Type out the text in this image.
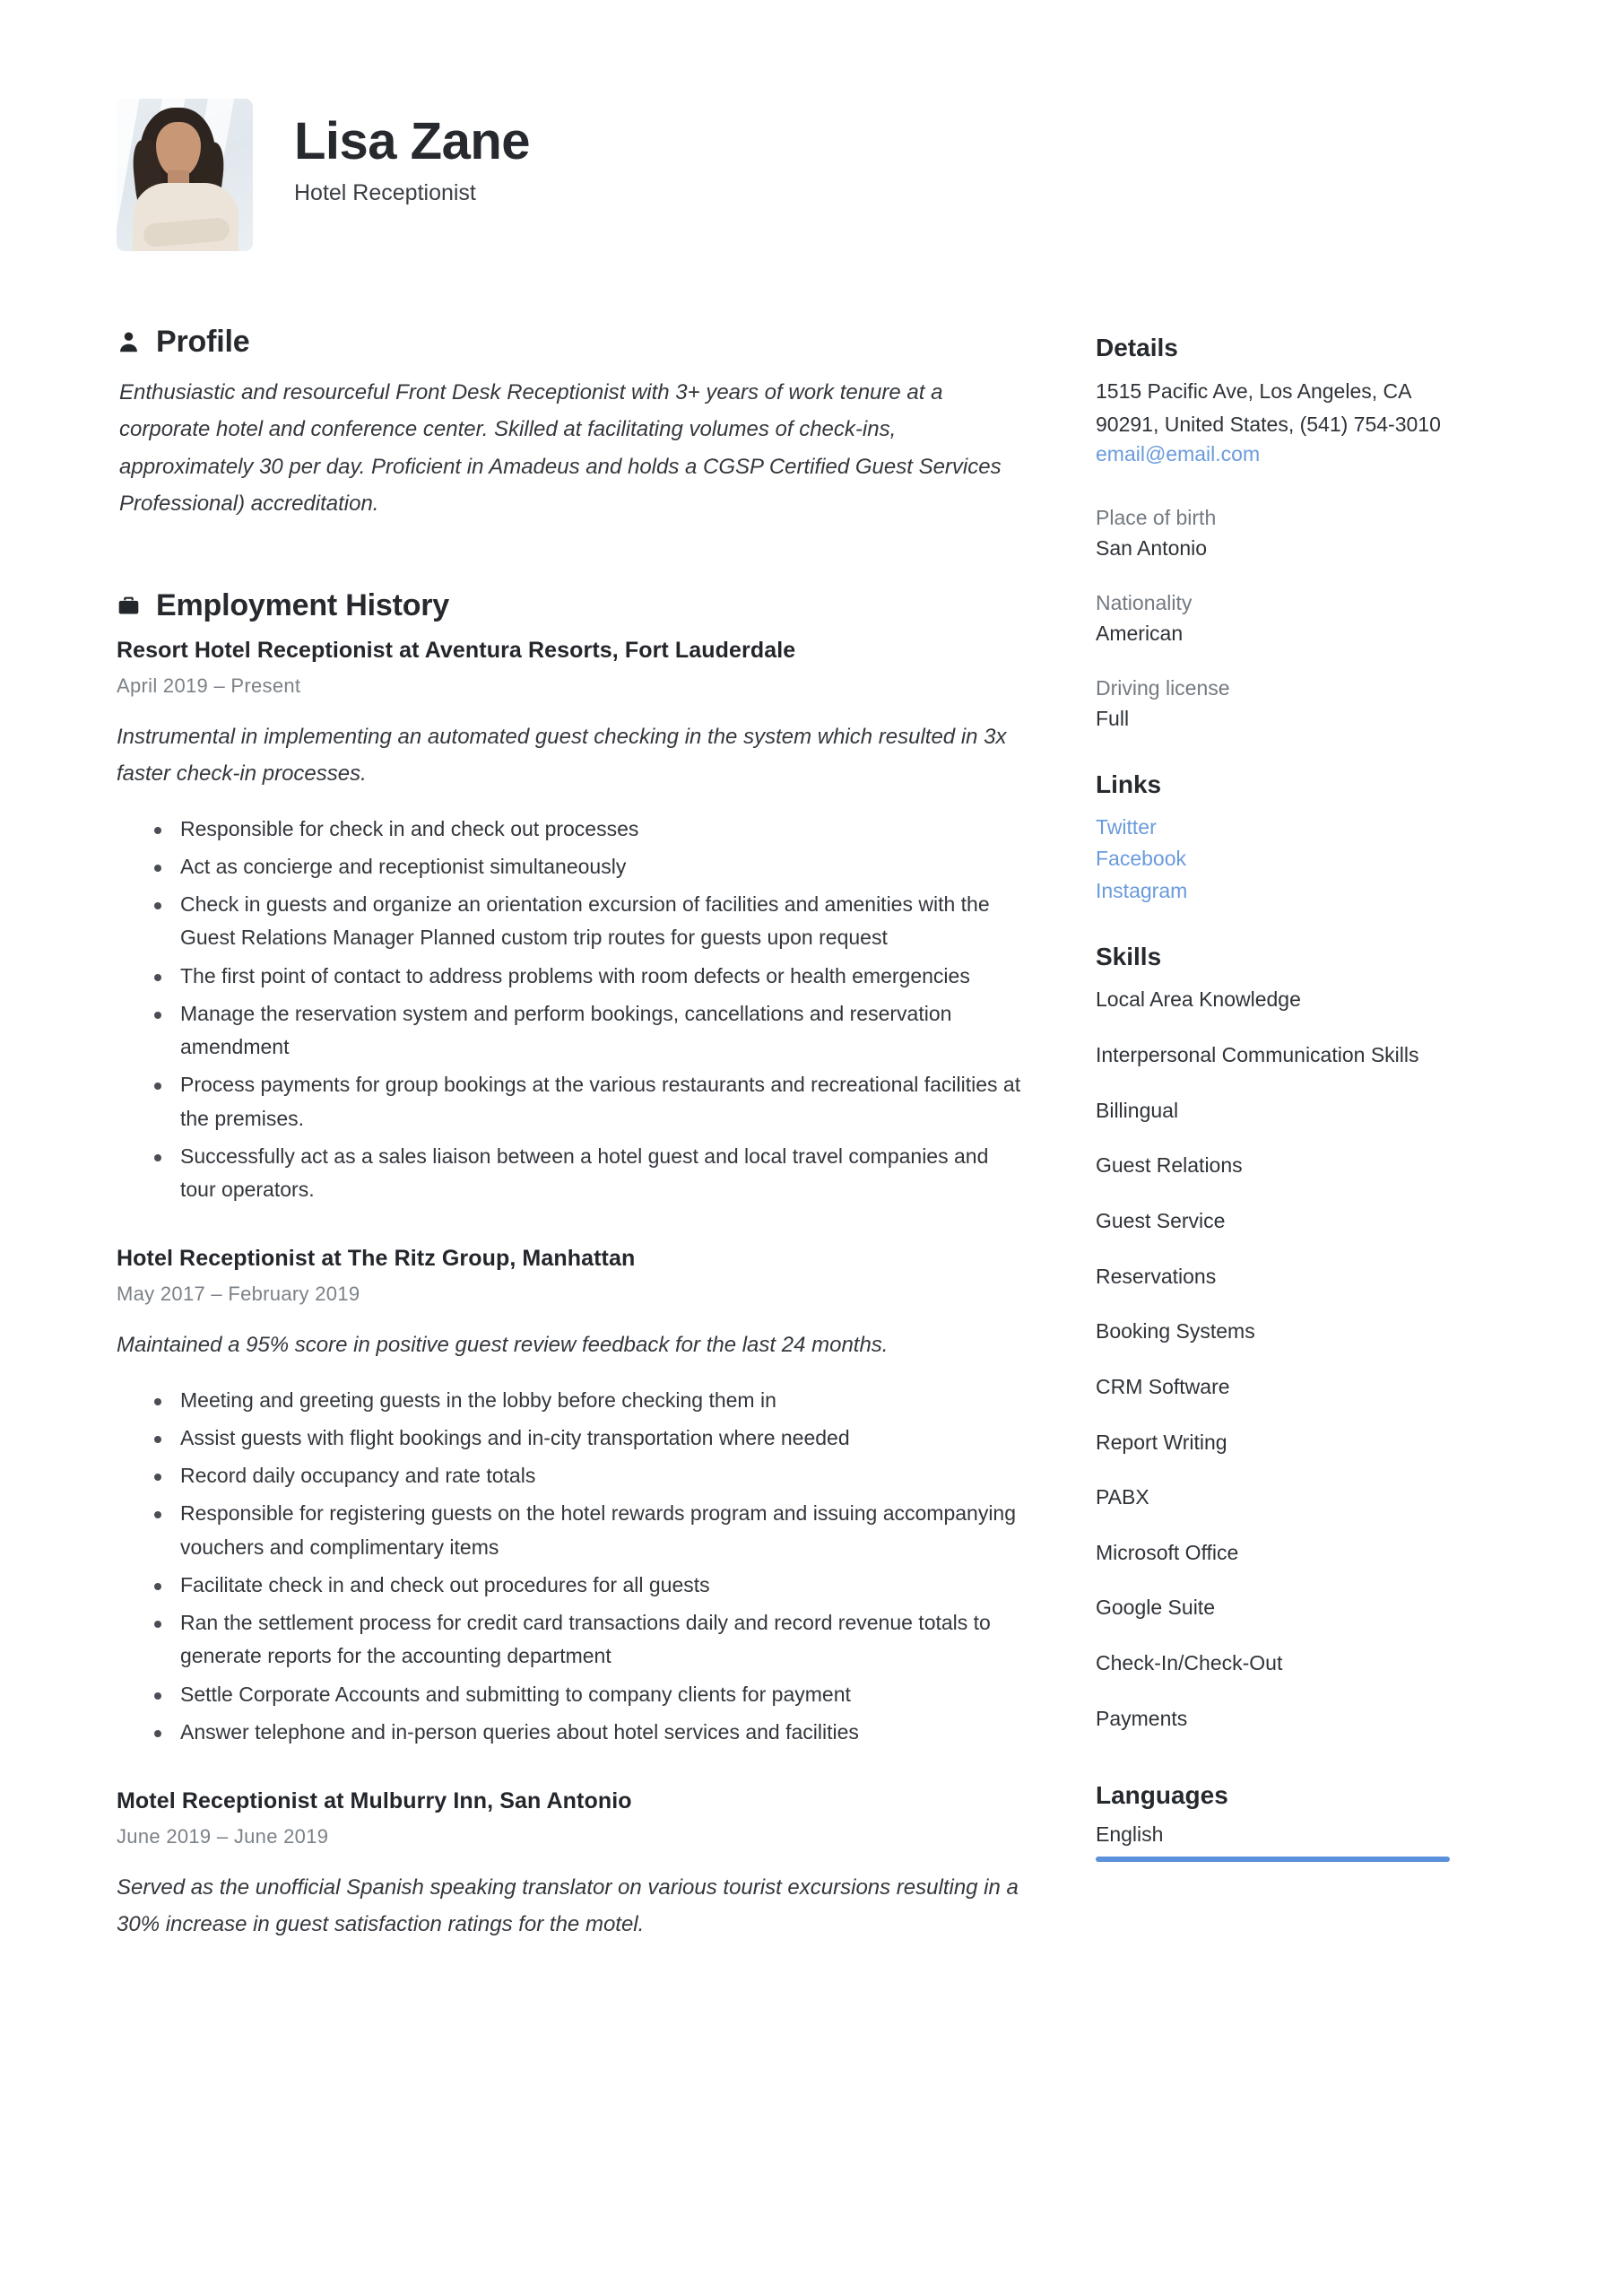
Lisa Zane
Hotel Receptionist
Profile
Enthusiastic and resourceful Front Desk Receptionist with 3+ years of work tenure at a corporate hotel and conference center. Skilled at facilitating volumes of check-ins, approximately 30 per day. Proficient in Amadeus and holds a CGSP Certified Guest Services Professional) accreditation.
Employment History
Resort Hotel Receptionist at Aventura Resorts, Fort Lauderdale
April 2019 – Present
Instrumental in implementing an automated guest checking in the system which resulted in 3x faster check-in processes.
Responsible for check in and check out processes
Act as concierge and receptionist simultaneously
Check in guests and organize an orientation excursion of facilities and amenities with the Guest Relations Manager Planned custom trip routes for guests upon request
The first point of contact to address problems with room defects or health emergencies
Manage the reservation system and perform bookings, cancellations and reservation amendment
Process payments for group bookings at the various restaurants and recreational facilities at the premises.
Successfully act as a sales liaison between a hotel guest and local travel companies and tour operators.
Hotel Receptionist at The Ritz Group, Manhattan
May 2017 – February 2019
Maintained a 95% score in positive guest review feedback for the last 24 months.
Meeting and greeting guests in the lobby before checking them in
Assist guests with flight bookings and in-city transportation where needed
Record daily occupancy and rate totals
Responsible for registering guests on the hotel rewards program and issuing accompanying vouchers and complimentary items
Facilitate check in and check out procedures for all guests
Ran the settlement process for credit card transactions daily and record revenue totals to generate reports for the accounting department
Settle Corporate Accounts and submitting to company clients for payment
Answer telephone and in-person queries about hotel services and facilities
Motel Receptionist at Mulburry Inn, San Antonio
June 2019 – June 2019
Served as the unofficial Spanish speaking translator on various tourist excursions resulting in a 30% increase in guest satisfaction ratings for the motel.
Details
1515 Pacific Ave, Los Angeles, CA 90291, United States, (541) 754-3010
email@email.com
Place of birth
San Antonio
Nationality
American
Driving license
Full
Links
Twitter
Facebook
Instagram
Skills
Local Area Knowledge
Interpersonal Communication Skills
Billingual
Guest Relations
Guest Service
Reservations
Booking Systems
CRM Software
Report Writing
PABX
Microsoft Office
Google Suite
Check-In/Check-Out
Payments
Languages
English
